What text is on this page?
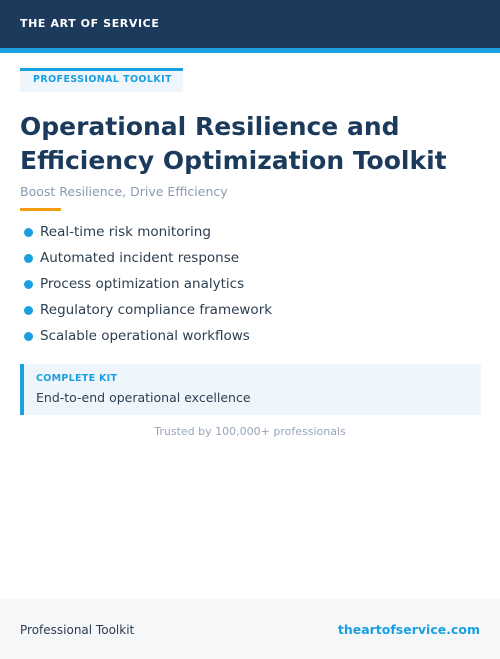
THE ART OF SERVICE
PROFESSIONAL TOOLKIT
Operational Resilience and Efficiency Optimization Toolkit
Boost Resilience, Drive Efficiency
Real-time risk monitoring
Automated incident response
Process optimization analytics
Regulatory compliance framework
Scalable operational workflows
COMPLETE KIT
End-to-end operational excellence
Trusted by 100,000+ professionals
Professional Toolkit	theartofservice.com
